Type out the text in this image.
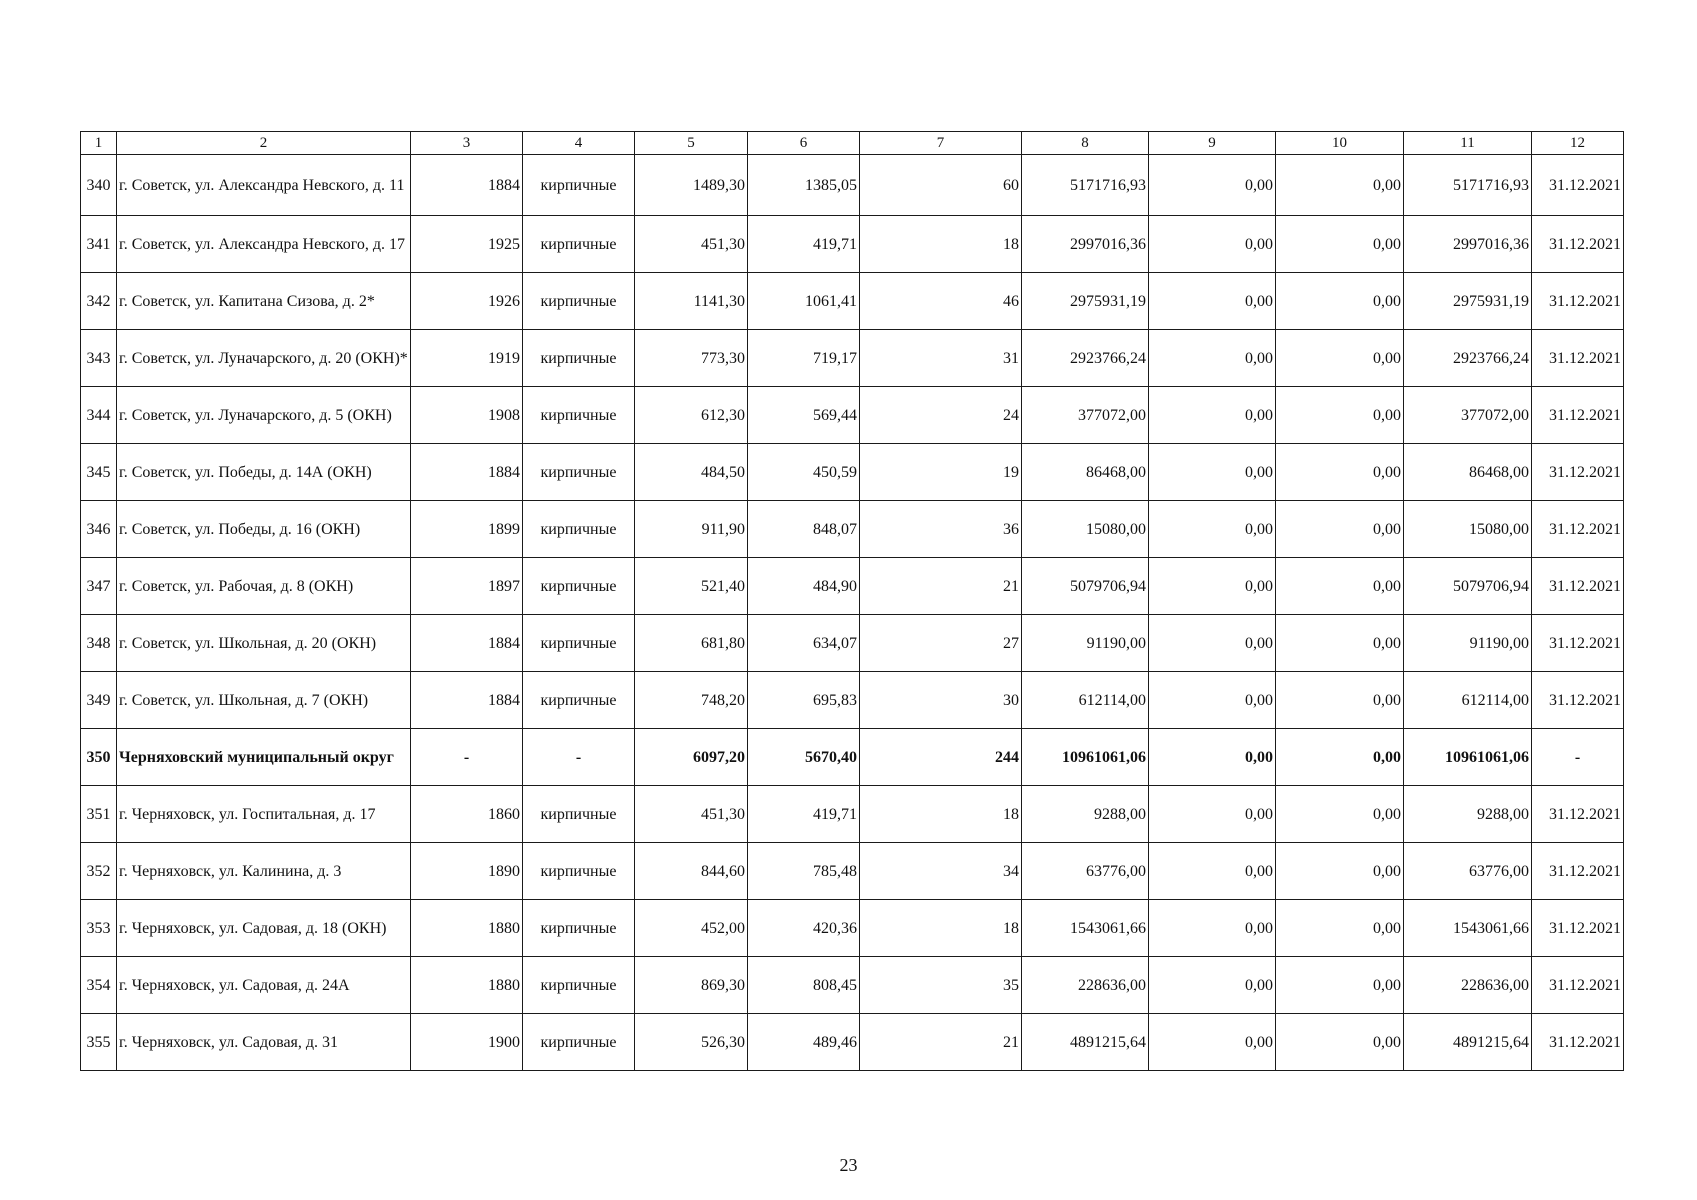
1	2	3	4	5	6	7	8	9	10	11	12
340	г. Советск, ул. Александра Невского, д. 11	1884	кирпичные	1489,30	1385,05	60	5171716,93	0,00	0,00	5171716,93	31.12.2021
341	г. Советск, ул. Александра Невского, д. 17	1925	кирпичные	451,30	419,71	18	2997016,36	0,00	0,00	2997016,36	31.12.2021
342	г. Советск, ул. Капитана Сизова, д. 2*	1926	кирпичные	1141,30	1061,41	46	2975931,19	0,00	0,00	2975931,19	31.12.2021
343	г. Советск, ул. Луначарского, д. 20 (ОКН)*	1919	кирпичные	773,30	719,17	31	2923766,24	0,00	0,00	2923766,24	31.12.2021
344	г. Советск, ул. Луначарского, д. 5 (ОКН)	1908	кирпичные	612,30	569,44	24	377072,00	0,00	0,00	377072,00	31.12.2021
345	г. Советск, ул. Победы, д. 14А (ОКН)	1884	кирпичные	484,50	450,59	19	86468,00	0,00	0,00	86468,00	31.12.2021
346	г. Советск, ул. Победы, д. 16 (ОКН)	1899	кирпичные	911,90	848,07	36	15080,00	0,00	0,00	15080,00	31.12.2021
347	г. Советск, ул. Рабочая, д. 8 (ОКН)	1897	кирпичные	521,40	484,90	21	5079706,94	0,00	0,00	5079706,94	31.12.2021
348	г. Советск, ул. Школьная, д. 20 (ОКН)	1884	кирпичные	681,80	634,07	27	91190,00	0,00	0,00	91190,00	31.12.2021
349	г. Советск, ул. Школьная, д. 7 (ОКН)	1884	кирпичные	748,20	695,83	30	612114,00	0,00	0,00	612114,00	31.12.2021
350	Черняховский муниципальный округ	-	-	6097,20	5670,40	244	10961061,06	0,00	0,00	10961061,06	-
351	г. Черняховск, ул. Госпитальная, д. 17	1860	кирпичные	451,30	419,71	18	9288,00	0,00	0,00	9288,00	31.12.2021
352	г. Черняховск, ул. Калинина, д. 3	1890	кирпичные	844,60	785,48	34	63776,00	0,00	0,00	63776,00	31.12.2021
353	г. Черняховск, ул. Садовая, д. 18 (ОКН)	1880	кирпичные	452,00	420,36	18	1543061,66	0,00	0,00	1543061,66	31.12.2021
354	г. Черняховск, ул. Садовая, д. 24А	1880	кирпичные	869,30	808,45	35	228636,00	0,00	0,00	228636,00	31.12.2021
355	г. Черняховск, ул. Садовая, д. 31	1900	кирпичные	526,30	489,46	21	4891215,64	0,00	0,00	4891215,64	31.12.2021
23
